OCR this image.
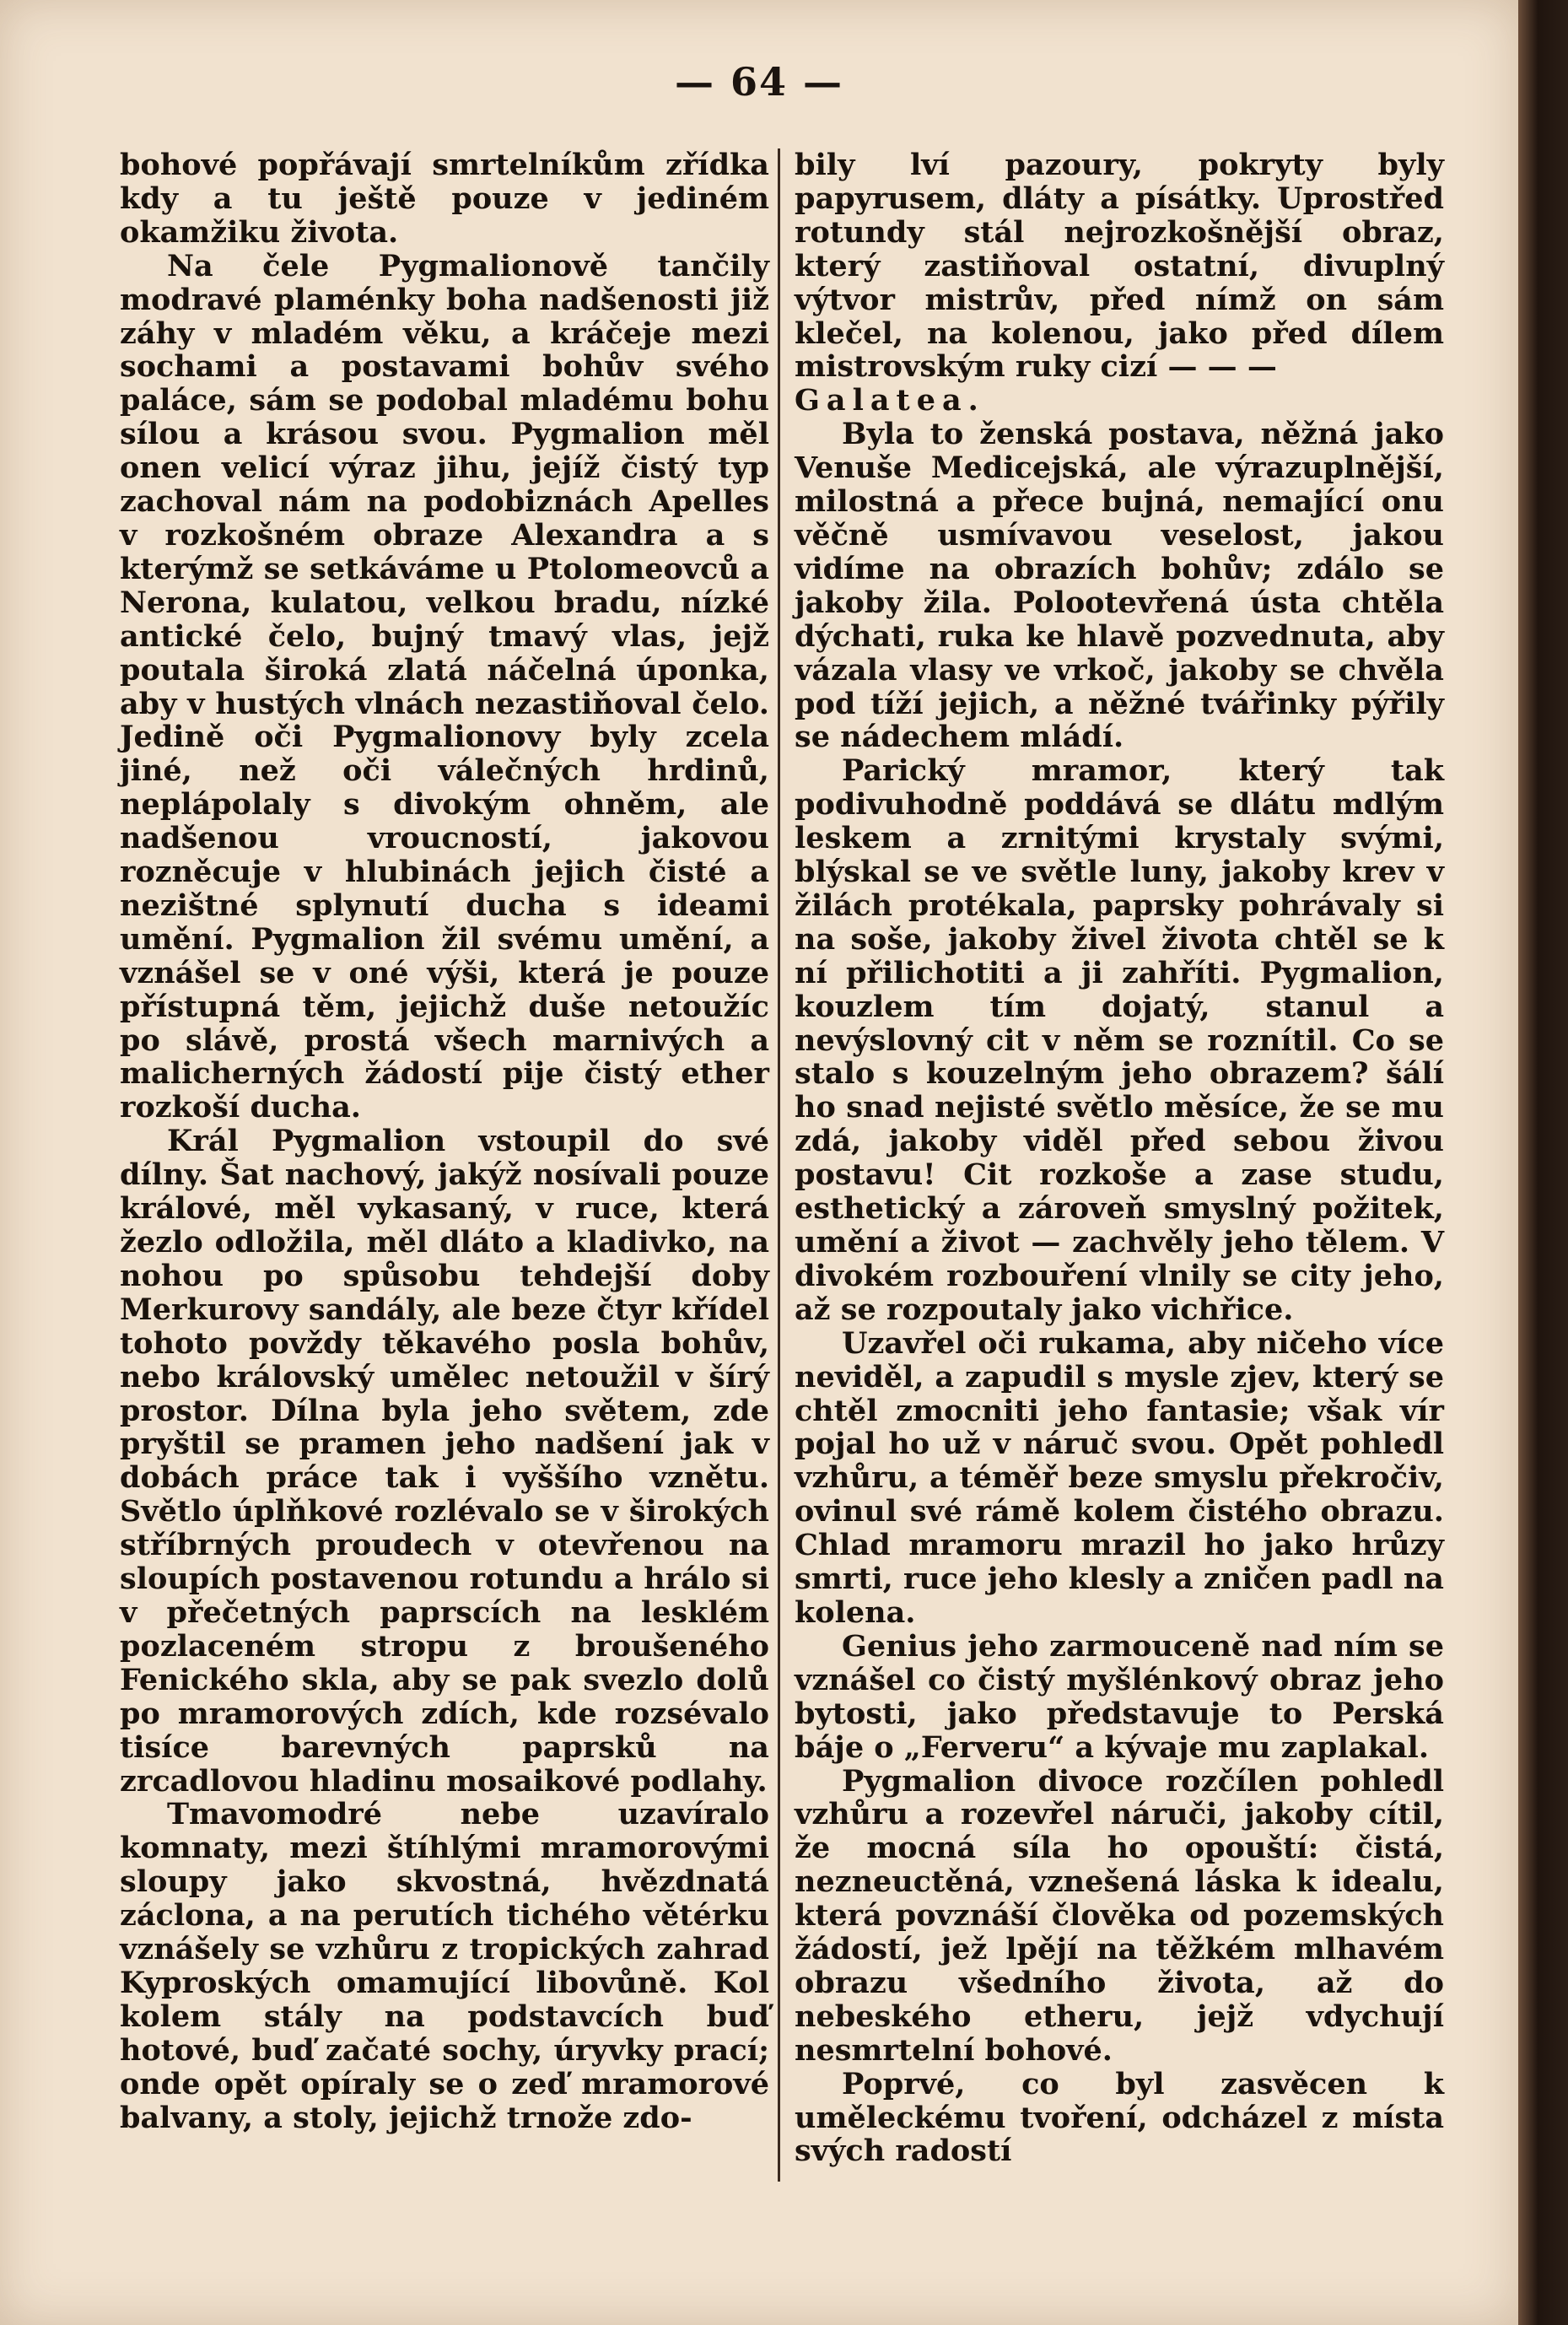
— 64 —

bohové popřávají smrtelníkům zřídka kdy a tu ještě pouze v jediném okamžiku života.

Na čele Pygmalionově tančily modravé plaménky boha nadšenosti již záhy v mladém věku, a kráčeje mezi sochami a postavami bohův svého paláce, sám se podobal mladému bohu sílou a krásou svou. Pygmalion měl onen velicí výraz jihu, jejíž čistý typ zachoval nám na podobiznách Apelles v rozkošném obraze Alexandra a s kterýmž se setkáváme u Ptolomeovců a Nerona, kulatou, velkou bradu, nízké antické čelo, bujný tmavý vlas, jejž poutala široká zlatá náčelná úponka, aby v hustých vlnách nezastiňoval čelo. Jedině oči Pygmalionovy byly zcela jiné, než oči válečných hrdinů, neplápolaly s divokým ohněm, ale nadšenou vroucností, jakovou rozněcuje v hlubinách jejich čisté a nezištné splynutí ducha s ideami umění. Pygmalion žil svému umění, a vznášel se v oné výši, která je pouze přístupná těm, jejichž duše netoužíc po slávě, prostá všech marnivých a malicherných žádostí pije čistý ether rozkoší ducha.

Král Pygmalion vstoupil do své dílny. Šat nachový, jakýž nosívali pouze králové, měl vykasaný, v ruce, která žezlo odložila, měl dláto a kladivko, na nohou po spůsobu tehdejší doby Merkurovy sandály, ale beze čtyr křídel tohoto povždy těkavého posla bohův, nebo královský umělec netoužil v šírý prostor. Dílna byla jeho světem, zde pryštil se pramen jeho nadšení jak v dobách práce tak i vyššího vznětu. Světlo úplňkové rozlévalo se v širokých stříbrných proudech v otevřenou na sloupích postavenou rotundu a hrálo si v přečetných paprscích na lesklém pozlaceném stropu z broušeného Fenického skla, aby se pak svezlo dolů po mramorových zdích, kde rozsévalo tisíce barevných paprsků na zrcadlovou hladinu mosaikové podlahy.

Tmavomodré nebe uzavíralo komnaty, mezi štíhlými mramorovými sloupy jako skvostná, hvězdnatá záclona, a na perutích tichého větérku vznášely se vzhůru z tropických zahrad Kyproských omamující libovůně. Kol kolem stály na podstavcích buď hotové, buď začaté sochy, úryvky prací; onde opět opíraly se o zeď mramorové balvany, a stoly, jejichž trnože zdo-

bily lví pazoury, pokryty byly papyrusem, dláty a písátky. Uprostřed rotundy stál nejrozkošnější obraz, který zastiňoval ostatní, divuplný výtvor mistrův, před nímž on sám klečel, na kolenou, jako před dílem mistrovským ruky cizí — — —

Galatea.

Byla to ženská postava, něžná jako Venuše Medicejská, ale výrazuplnější, milostná a přece bujná, nemající onu věčně usmívavou veselost, jakou vidíme na obrazích bohův; zdálo se jakoby žila. Polootevřená ústa chtěla dýchati, ruka ke hlavě pozvednuta, aby vázala vlasy ve vrkoč, jakoby se chvěla pod tíží jejich, a něžné tvářinky pýřily se nádechem mládí.

Parický mramor, který tak podivuhodně poddává se dlátu mdlým leskem a zrnitými krystaly svými, blýskal se ve světle luny, jakoby krev v žilách protékala, paprsky pohrávaly si na soše, jakoby živel života chtěl se k ní přilichotiti a ji zahříti. Pygmalion, kouzlem tím dojatý, stanul a nevýslovný cit v něm se roznítil. Co se stalo s kouzelným jeho obrazem? šálí ho snad nejisté světlo měsíce, že se mu zdá, jakoby viděl před sebou živou postavu! Cit rozkoše a zase studu, esthetický a zároveň smyslný požitek, umění a život — zachvěly jeho tělem. V divokém rozbouření vlnily se city jeho, až se rozpoutaly jako vichřice.

Uzavřel oči rukama, aby ničeho více neviděl, a zapudil s mysle zjev, který se chtěl zmocniti jeho fantasie; však vír pojal ho už v náruč svou. Opět pohledl vzhůru, a téměř beze smyslu překročiv, ovinul své rámě kolem čistého obrazu. Chlad mramoru mrazil ho jako hrůzy smrti, ruce jeho klesly a zničen padl na kolena.

Genius jeho zarmouceně nad ním se vznášel co čistý myšlénkový obraz jeho bytosti, jako představuje to Perská báje o „Ferveru“ a kývaje mu zaplakal.

Pygmalion divoce rozčílen pohledl vzhůru a rozevřel náruči, jakoby cítil, že mocná síla ho opouští: čistá, nezneuctěná, vznešená láska k idealu, která povznáší člověka od pozemských žádostí, jež lpějí na těžkém mlhavém obrazu všedního života, až do nebeského etheru, jejž vdychují nesmrtelní bohové.

Poprvé, co byl zasvěcen k uměleckému tvoření, odcházel z místa svých radostí
